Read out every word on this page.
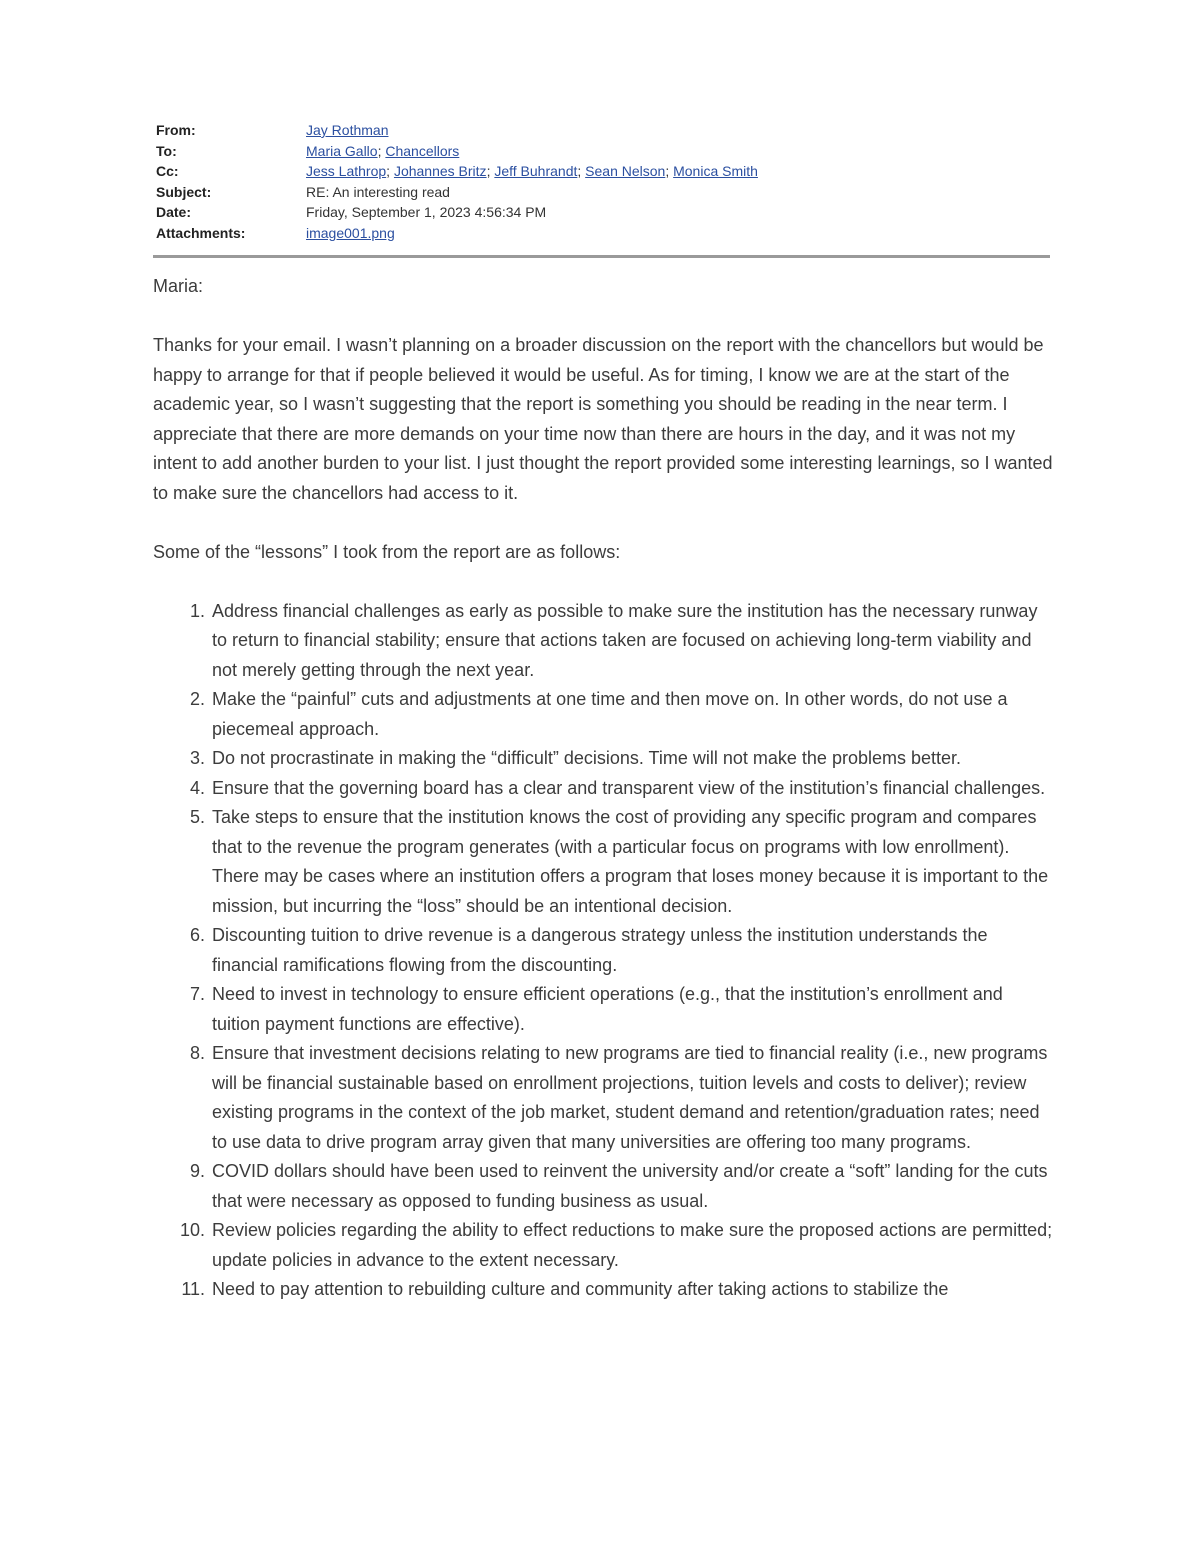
From:	Jay Rothman
To:	Maria Gallo; Chancellors
Cc:	Jess Lathrop; Johannes Britz; Jeff Buhrandt; Sean Nelson; Monica Smith
Subject:	RE: An interesting read
Date:	Friday, September 1, 2023 4:56:34 PM
Attachments:	image001.png

Maria:

Thanks for your email. I wasn’t planning on a broader discussion on the report with the chancellors but would be happy to arrange for that if people believed it would be useful. As for timing, I know we are at the start of the academic year, so I wasn’t suggesting that the report is something you should be reading in the near term. I appreciate that there are more demands on your time now than there are hours in the day, and it was not my intent to add another burden to your list. I just thought the report provided some interesting learnings, so I wanted to make sure the chancellors had access to it.

Some of the “lessons” I took from the report are as follows:

1. Address financial challenges as early as possible to make sure the institution has the necessary runway to return to financial stability; ensure that actions taken are focused on achieving long-term viability and not merely getting through the next year.
2. Make the “painful” cuts and adjustments at one time and then move on. In other words, do not use a piecemeal approach.
3. Do not procrastinate in making the “difficult” decisions. Time will not make the problems better.
4. Ensure that the governing board has a clear and transparent view of the institution’s financial challenges.
5. Take steps to ensure that the institution knows the cost of providing any specific program and compares that to the revenue the program generates (with a particular focus on programs with low enrollment). There may be cases where an institution offers a program that loses money because it is important to the mission, but incurring the “loss” should be an intentional decision.
6. Discounting tuition to drive revenue is a dangerous strategy unless the institution understands the financial ramifications flowing from the discounting.
7. Need to invest in technology to ensure efficient operations (e.g., that the institution’s enrollment and tuition payment functions are effective).
8. Ensure that investment decisions relating to new programs are tied to financial reality (i.e., new programs will be financial sustainable based on enrollment projections, tuition levels and costs to deliver); review existing programs in the context of the job market, student demand and retention/graduation rates; need to use data to drive program array given that many universities are offering too many programs.
9. COVID dollars should have been used to reinvent the university and/or create a “soft” landing for the cuts that were necessary as opposed to funding business as usual.
10. Review policies regarding the ability to effect reductions to make sure the proposed actions are permitted; update policies in advance to the extent necessary.
11. Need to pay attention to rebuilding culture and community after taking actions to stabilize the
